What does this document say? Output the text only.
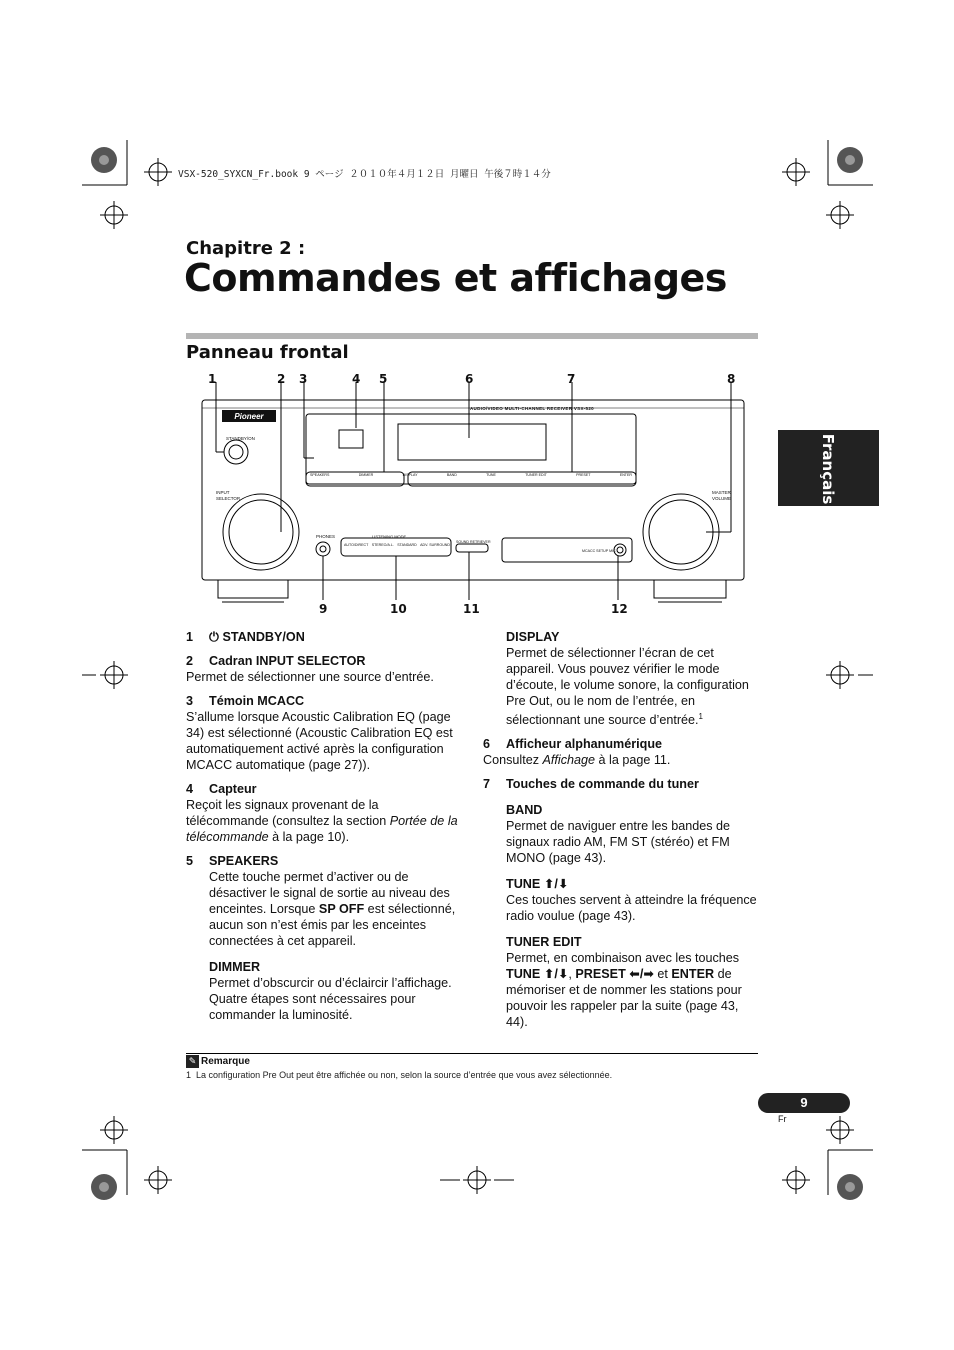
VSX-520_SYXCN_Fr.book 9 ページ ２０１０年４月１２日 月曜日 午後７時１４分
Chapitre 2 :
Commandes et affichages
Panneau frontal
Français
1	2 3	4 5	6	7	8
9	10	11	12
Pioneer
AUDIO/VIDEO MULTI-CHANNEL RECEIVER VSX-520
STANDBY/ON
INPUT
SELECTOR
MASTER
VOLUME
PHONES	LISTENING MODE
AUTO/DIRECT STEREO/A.L. STANDARD ADV. SURROUND
SOUND RETRIEVER
MCACC SETUP MIC
SPEAKERS	DIMMER	DISPLAY	BAND	TUNE	TUNER EDIT	PRESET	ENTER
1 ⏻ STANDBY/ON
2 Cadran INPUT SELECTOR

Permet de sélectionner une source d’entrée.

3 Témoin MCACC

S’allume lorsque Acoustic Calibration EQ (page 34) est sélectionné (Acoustic Calibration EQ est automatiquement activé après la configuration MCACC automatique (page 27)).

4 Capteur

Reçoit les signaux provenant de la télécommande (consultez la section Portée de la télécommande à la page 10).

5 SPEAKERS

Cette touche permet d’activer ou de désactiver le signal de sortie au niveau des enceintes. Lorsque SP OFF est sélectionné, aucun son n’est émis par les enceintes connectées à cet appareil.

DIMMER

Permet d’obscurcir ou d’éclaircir l’affichage. Quatre étapes sont nécessaires pour commander la luminosité.

DISPLAY

Permet de sélectionner l’écran de cet appareil. Vous pouvez vérifier le mode d’écoute, le volume sonore, la configuration Pre Out, ou le nom de l’entrée, en sélectionnant une source d’entrée.$^1$

6 Afficheur alphanumérique

Consultez Affichage à la page 11.

7 Touches de commande du tuner
BAND

Permet de naviguer entre les bandes de signaux radio AM, FM ST (stéréo) et FM MONO (page 43).

TUNE ⬆/⬇

Ces touches servent à atteindre la fréquence radio voulue (page 43).

TUNER EDIT

Permet, en combinaison avec les touches TUNE ⬆/⬇, PRESET ⬅/➡ et ENTER de mémoriser et de nommer les stations pour pouvoir les rappeler par la suite (page 43, 44).

✎ Remarque
1 La configuration Pre Out peut être affichée ou non, selon la source d’entrée que vous avez sélectionnée.
9
Fr
